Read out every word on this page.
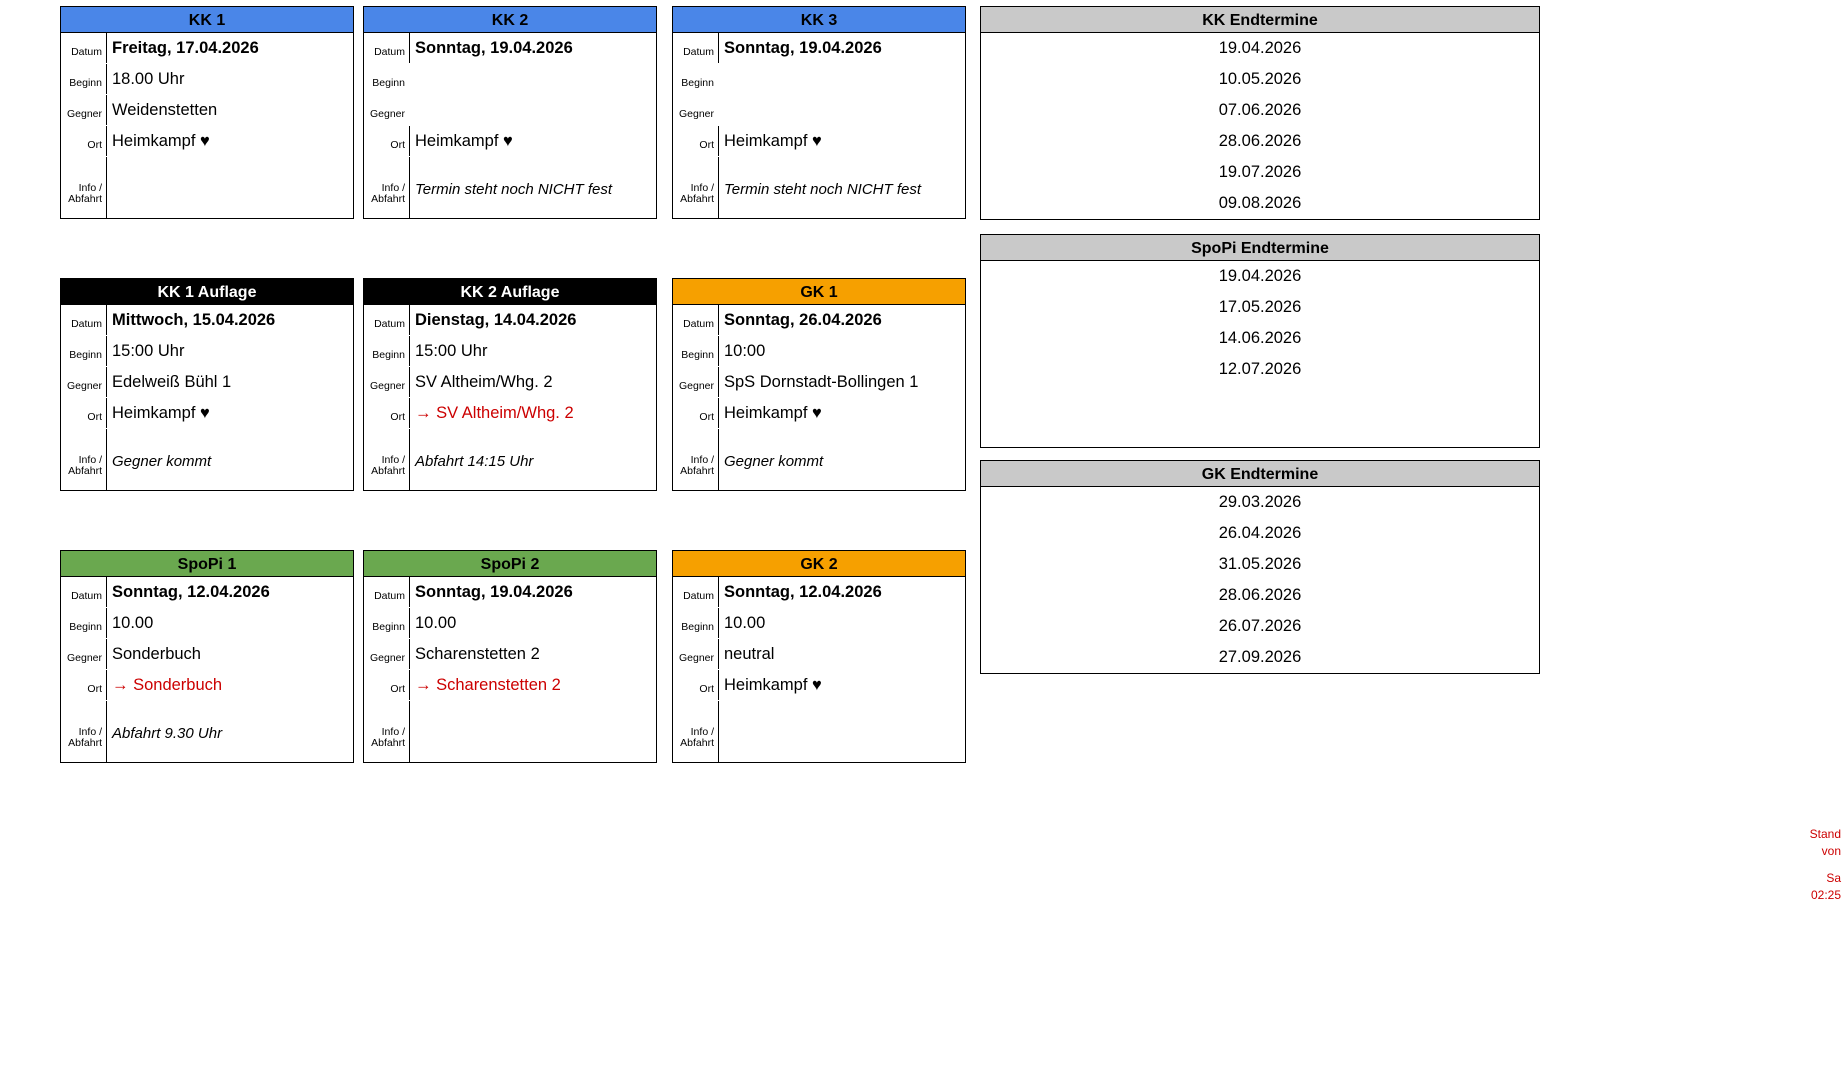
KK 1
Datum Freitag, 17.04.2026
Beginn 18.00 Uhr
Gegner Weidenstetten
Ort Heimkampf ♥
Info /
Abfahrt
KK 1 Auflage
Datum Mittwoch, 15.04.2026
Beginn 15:00 Uhr
Gegner Edelweiß Bühl 1
Ort Heimkampf ♥
Info /
Abfahrt
Gegner kommt
SpoPi 1
Datum Sonntag, 12.04.2026
Beginn 10.00
Gegner Sonderbuch
Ort → Sonderbuch
Info /
Abfahrt
Abfahrt 9.30 Uhr
KK 2
Datum Sonntag, 19.04.2026
Beginn
Gegner
Ort Heimkampf ♥
Info /
Abfahrt
Termin steht noch NICHT fest
KK 2 Auflage
Datum Dienstag, 14.04.2026
Beginn 15:00 Uhr
Gegner SV Altheim/Whg. 2
Ort → SV Altheim/Whg. 2
Info /
Abfahrt
Abfahrt 14:15 Uhr
SpoPi 2
Datum Sonntag, 19.04.2026
Beginn 10.00
Gegner Scharenstetten 2
Ort → Scharenstetten 2
Info /
Abfahrt
KK 3
Datum Sonntag, 19.04.2026
Beginn
Gegner
Ort Heimkampf ♥
Info /
Abfahrt
Termin steht noch NICHT fest
GK 1
Datum Sonntag, 26.04.2026
Beginn 10:00
Gegner SpS Dornstadt-Bollingen 1
Ort Heimkampf ♥
Info /
Abfahrt
Gegner kommt
GK 2
Datum Sonntag, 12.04.2026
Beginn 10.00
Gegner neutral
Ort Heimkampf ♥
Info /
Abfahrt
KK Endtermine
19.04.2026
10.05.2026
07.06.2026
28.06.2026
19.07.2026
09.08.2026
SpoPi Endtermine
19.04.2026
17.05.2026
14.06.2026
12.07.2026

GK Endtermine
29.03.2026
26.04.2026
31.05.2026
28.06.2026
26.07.2026
27.09.2026
Stand
von
Sa
02:25
